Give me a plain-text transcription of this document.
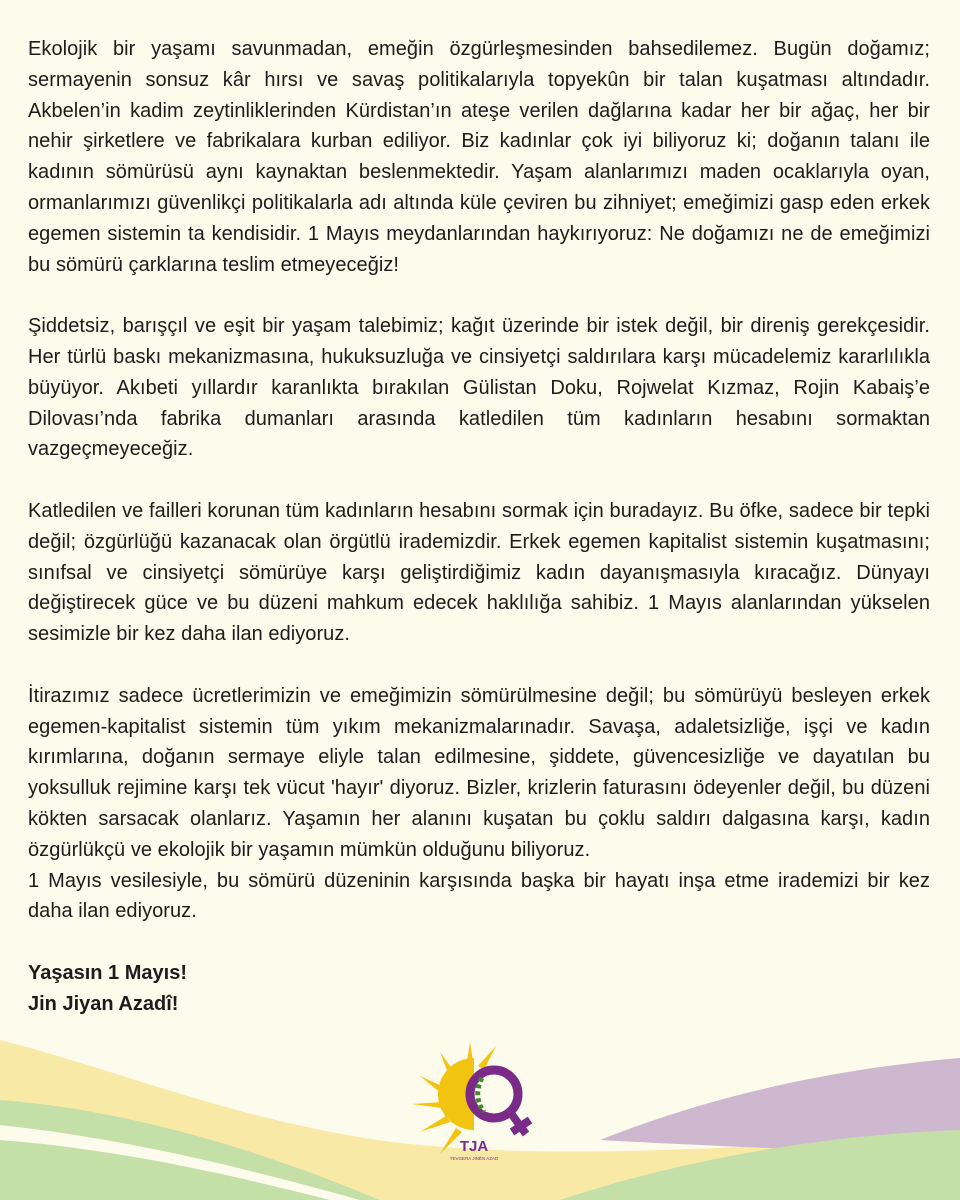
Ekolojik bir yaşamı savunmadan, emeğin özgürleşmesinden bahsedilemez. Bugün doğamız; sermayenin sonsuz kâr hırsı ve savaş politikalarıyla topyekûn bir talan kuşatması altındadır. Akbelen’in kadim zeytinliklerinden Kürdistan’ın ateşe verilen dağlarına kadar her bir ağaç, her bir nehir şirketlere ve fabrikalara kurban ediliyor. Biz kadınlar çok iyi biliyoruz ki; doğanın talanı ile kadının sömürüsü aynı kaynaktan beslenmektedir. Yaşam alanlarımızı maden ocaklarıyla oyan, ormanlarımızı güvenlikçi politikalarla adı altında küle çeviren bu zihniyet; emeğimizi gasp eden erkek egemen sistemin ta kendisidir. 1 Mayıs meydanlarından haykırıyoruz: Ne doğamızı ne de emeğimizi bu sömürü çarklarına teslim etmeyeceğiz!

Şiddetsiz, barışçıl ve eşit bir yaşam talebimiz; kağıt üzerinde bir istek değil, bir direniş gerekçesidir. Her türlü baskı mekanizmasına, hukuksuzluğa ve cinsiyetçi saldırılara karşı mücadelemiz kararlılıkla büyüyor. Akıbeti yıllardır karanlıkta bırakılan Gülistan Doku, Rojwelat Kızmaz, Rojin Kabaiş’e Dilovası’nda fabrika dumanları arasında katledilen tüm kadınların hesabını sormaktan vazgeçmeyeceğiz.

Katledilen ve failleri korunan tüm kadınların hesabını sormak için buradayız. Bu öfke, sadece bir tepki değil; özgürlüğü kazanacak olan örgütlü irademizdir. Erkek egemen kapitalist sistemin kuşatmasını; sınıfsal ve cinsiyetçi sömürüye karşı geliştirdiğimiz kadın dayanışmasıyla kıracağız. Dünyayı değiştirecek güce ve bu düzeni mahkum edecek haklılığa sahibiz. 1 Mayıs alanlarından yükselen sesimizle bir kez daha ilan ediyoruz.

İtirazımız sadece ücretlerimizin ve emeğimizin sömürülmesine değil; bu sömürüyü besleyen erkek egemen-kapitalist sistemin tüm yıkım mekanizmalarınadır. Savaşa, adaletsizliğe, işçi ve kadın kırımlarına, doğanın sermaye eliyle talan edilmesine, şiddete, güvencesizliğe ve dayatılan bu yoksulluk rejimine karşı tek vücut 'hayır' diyoruz. Bizler, krizlerin faturasını ödeyenler değil, bu düzeni kökten sarsacak olanlarız. Yaşamın her alanını kuşatan bu çoklu saldırı dalgasına karşı, kadın özgürlükçü ve ekolojik bir yaşamın mümkün olduğunu biliyoruz.

1 Mayıs vesilesiyle, bu sömürü düzeninin karşısında başka bir hayatı inşa etme irademizi bir kez daha ilan ediyoruz.

Yaşasın 1 Mayıs!

Jin Jiyan Azadî!

TJA
TEVGERA JINÊN AZAD
